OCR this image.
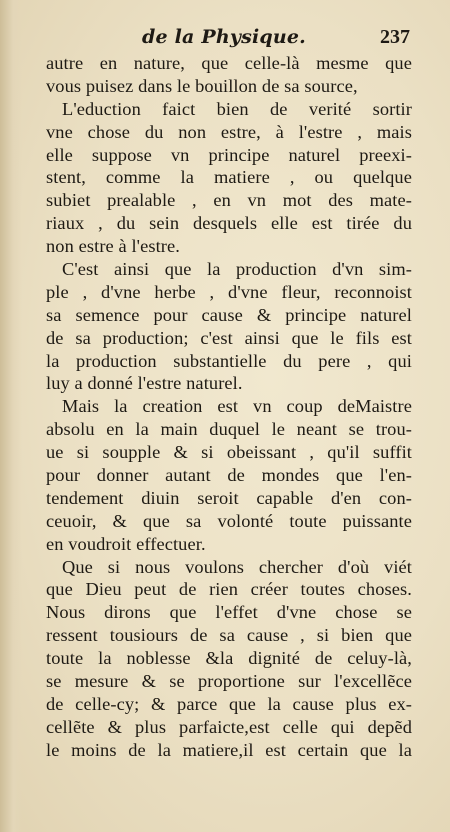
de la Physique.	237
autre en nature, que celle-là mesme que
vous puisez dans le bouillon de sa source,
L'eduction faict bien de verité sortir
vne chose du non estre, à l'estre , mais
elle suppose vn principe naturel preexi-
stent, comme la matiere , ou quelque
subiet prealable , en vn mot des mate-
riaux , du sein desquels elle est tirée du
non estre à l'estre.
C'est ainsi que la production d'vn sim-
ple , d'vne herbe , d'vne fleur, reconnoist
sa semence pour cause & principe naturel
de sa production; c'est ainsi que le fils est
la production substantielle du pere , qui
luy a donné l'estre naturel.
Mais la creation est vn coup deMaistre
absolu en la main duquel le neant se trou-
ue si soupple & si obeissant , qu'il suffit
pour donner autant de mondes que l'en-
tendement diuin seroit capable d'en con-
ceuoir, & que sa volonté toute puissante
en voudroit effectuer.
Que si nous voulons chercher d'où viét
que Dieu peut de rien créer toutes choses.
Nous dirons que l'effet d'vne chose se
ressent tousiours de sa cause , si bien que
toute la noblesse &la dignité de celuy-là,
se mesure & se proportione sur l'excellẽce
de celle-cy; & parce que la cause plus ex-
cellẽte & plus parfaicte,est celle qui depẽd
le moins de la matiere,il est certain que la
